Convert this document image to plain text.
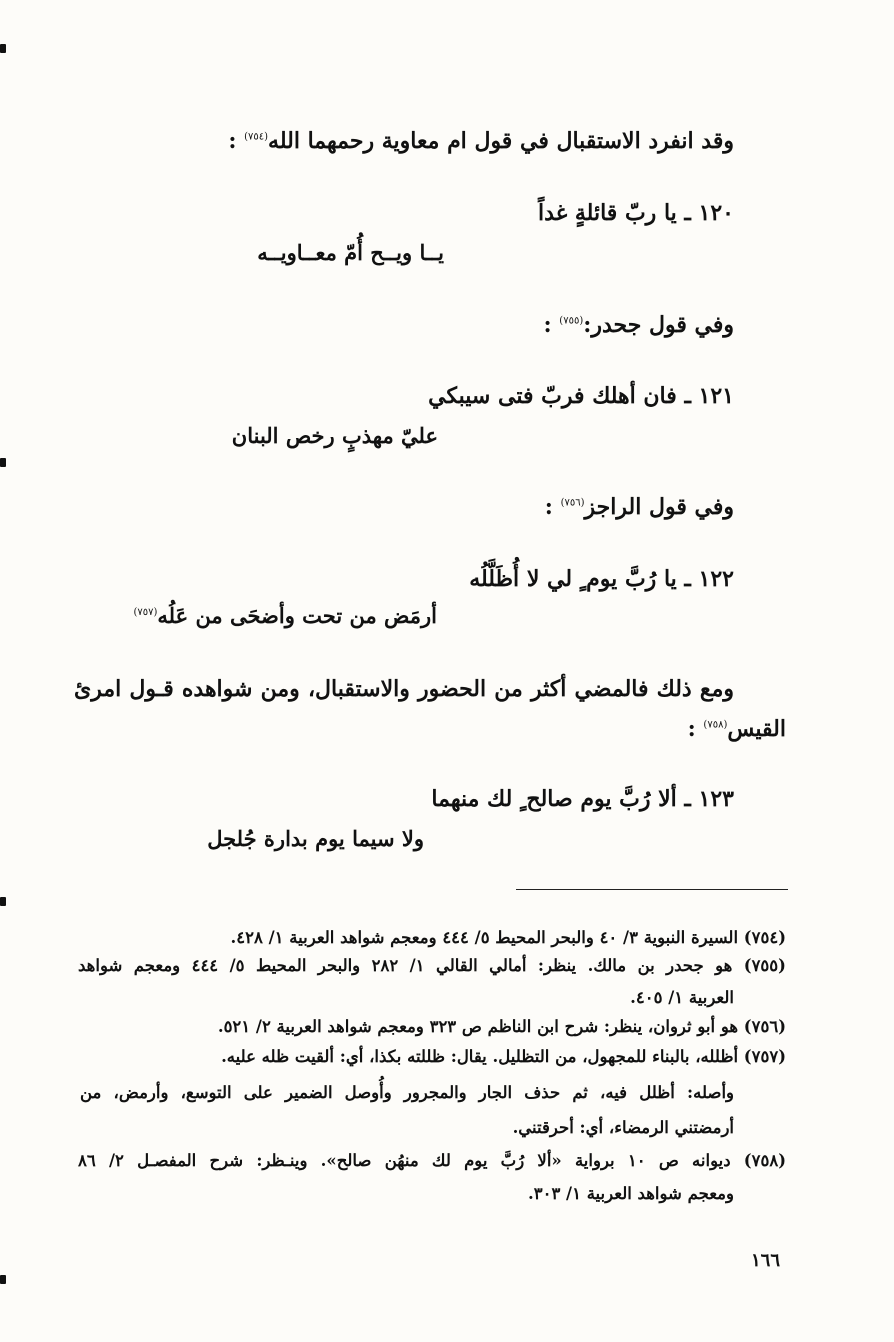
وقد انفرد الاستقبال في قول ام معاوية رحمهما الله$^{(٧٥٤)}$ :
١٢٠ ـ يا ربّ قائلةٍ غداً
يــا ويــح أُمّ معــاويــه
وفي قول جحدر:$^{(٧٥٥)}$ :
١٢١ ـ فان أهلك فربّ فتى سيبكي
عليّ مهذبٍ رخص البنان
وفي قول الراجز$^{(٧٥٦)}$ :
١٢٢ ـ يا رُبَّ يوم ٍ لي لا أُظَلَّلُه
أرمَض من تحت وأضحَى من عَلُه$^{(٧٥٧)}$
ومع ذلك فالمضي أكثر من الحضور والاستقبال، ومن شواهده قـول امرئ
القيس$^{(٧٥٨)}$ :
١٢٣ ـ ألا رُبَّ يوم صالح ٍ لك منهما
ولا سيما يوم بدارة جُلجل
(٧٥٤) السيرة النبوية ٣/ ٤٠ والبحر المحيط ٥/ ٤٤٤ ومعجم شواهد العربية ١/ ٤٢٨.
(٧٥٥) هو جحدر بن مالك. ينظر: أمالي القالي ١/ ٢٨٢ والبحر المحيط ٥/ ٤٤٤ ومعجم شواهد
العربية ١/ ٤٠٥.
(٧٥٦) هو أبو ثروان، ينظر: شرح ابن الناظم ص ٣٢٣ ومعجم شواهد العربية ٢/ ٥٢١.
(٧٥٧) أظلله، بالبناء للمجهول، من التظليل. يقال: ظللته بكذا، أي: ألقيت ظله عليه.
وأصله: أظلل فيه، ثم حذف الجار والمجرور وأُوصل الضمير على التوسع، وأرمض، من
أرمضتني الرمضاء، أي: أحرقتني.
(٧٥٨) ديوانه ص ١٠ برواية «ألا رُبَّ يوم لك منهُن صالح». وينـظر: شرح المفصـل ٢/ ٨٦
ومعجم شواهد العربية ١/ ٣٠٣.
١٦٦
